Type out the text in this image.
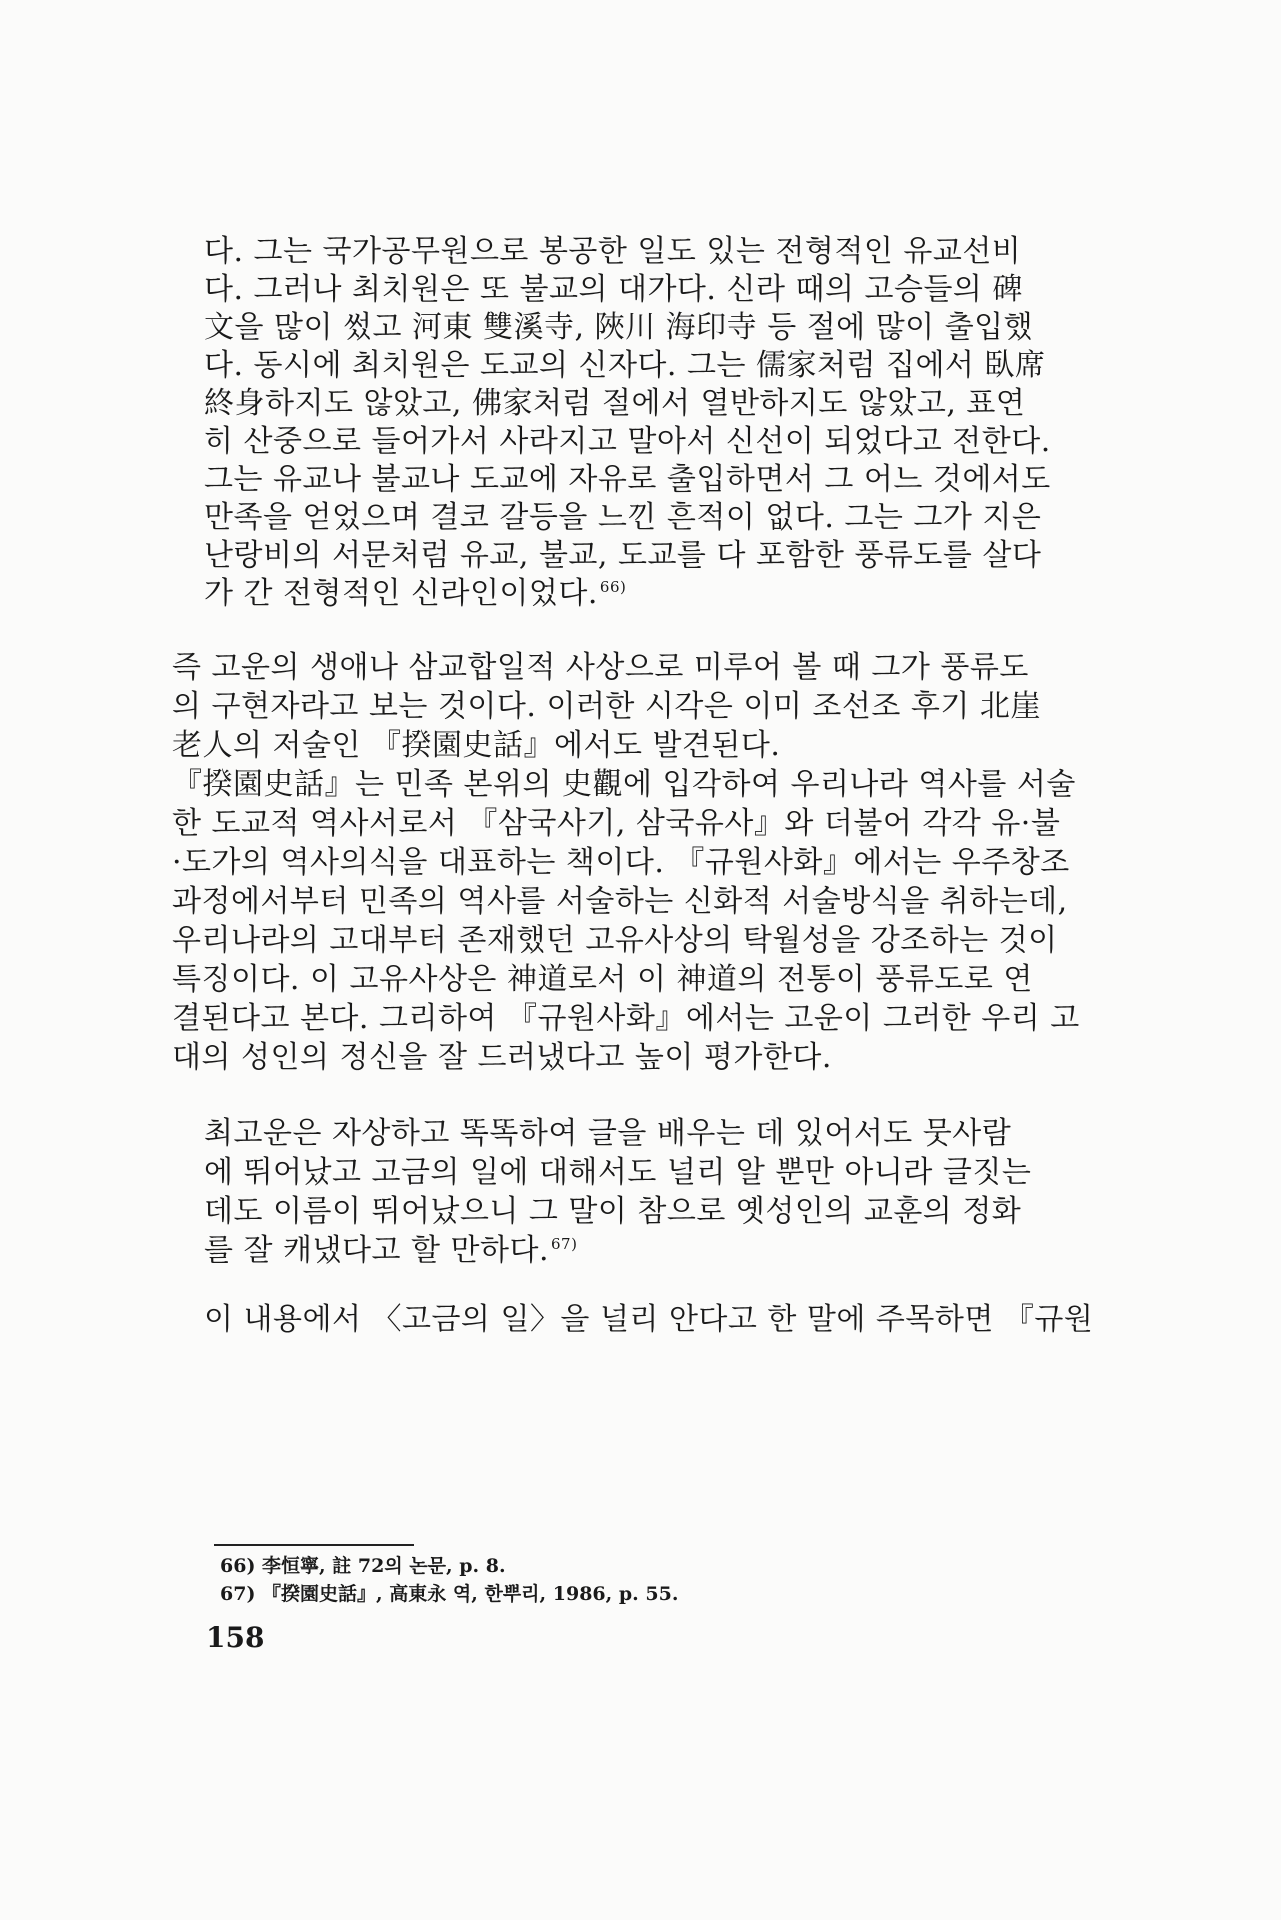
다. 그는 국가공무원으로 봉공한 일도 있는 전형적인 유교선비
다. 그러나 최치원은 또 불교의 대가다. 신라 때의 고승들의 碑
文을 많이 썼고 河東 雙溪寺, 陜川 海印寺 등 절에 많이 출입했
다. 동시에 최치원은 도교의 신자다. 그는 儒家처럼 집에서 臥席
終身하지도 않았고, 佛家처럼 절에서 열반하지도 않았고, 표연
히 산중으로 들어가서 사라지고 말아서 신선이 되었다고 전한다.
그는 유교나 불교나 도교에 자유로 출입하면서 그 어느 것에서도
만족을 얻었으며 결코 갈등을 느낀 흔적이 없다. 그는 그가 지은
난랑비의 서문처럼 유교, 불교, 도교를 다 포함한 풍류도를 살다
가 간 전형적인 신라인이었다. $^{66)}$
즉 고운의 생애나 삼교합일적 사상으로 미루어 볼 때 그가 풍류도
의 구현자라고 보는 것이다. 이러한 시각은 이미 조선조 후기 北崖
老人의 저술인 『揆園史話』에서도 발견된다.
『揆園史話』는 민족 본위의 史觀에 입각하여 우리나라 역사를 서술
한 도교적 역사서로서 『삼국사기, 삼국유사』와 더불어 각각 유·불
·도가의 역사의식을 대표하는 책이다. 『규원사화』에서는 우주창조
과정에서부터 민족의 역사를 서술하는 신화적 서술방식을 취하는데,
우리나라의 고대부터 존재했던 고유사상의 탁월성을 강조하는 것이
특징이다. 이 고유사상은 神道로서 이 神道의 전통이 풍류도로 연
결된다고 본다. 그리하여 『규원사화』에서는 고운이 그러한 우리 고
대의 성인의 정신을 잘 드러냈다고 높이 평가한다.
최고운은 자상하고 똑똑하여 글을 배우는 데 있어서도 뭇사람
에 뛰어났고 고금의 일에 대해서도 널리 알 뿐만 아니라 글짓는
데도 이름이 뛰어났으니 그 말이 참으로 옛성인의 교훈의 정화
를 잘 캐냈다고 할 만하다. $^{67)}$
이 내용에서 〈고금의 일〉을 널리 안다고 한 말에 주목하면 『규원
66) 李恒寧, 註 72의 논문, p. 8.
67) 『揆園史話』, 高東永 역, 한뿌리, 1986, p. 55.
158
